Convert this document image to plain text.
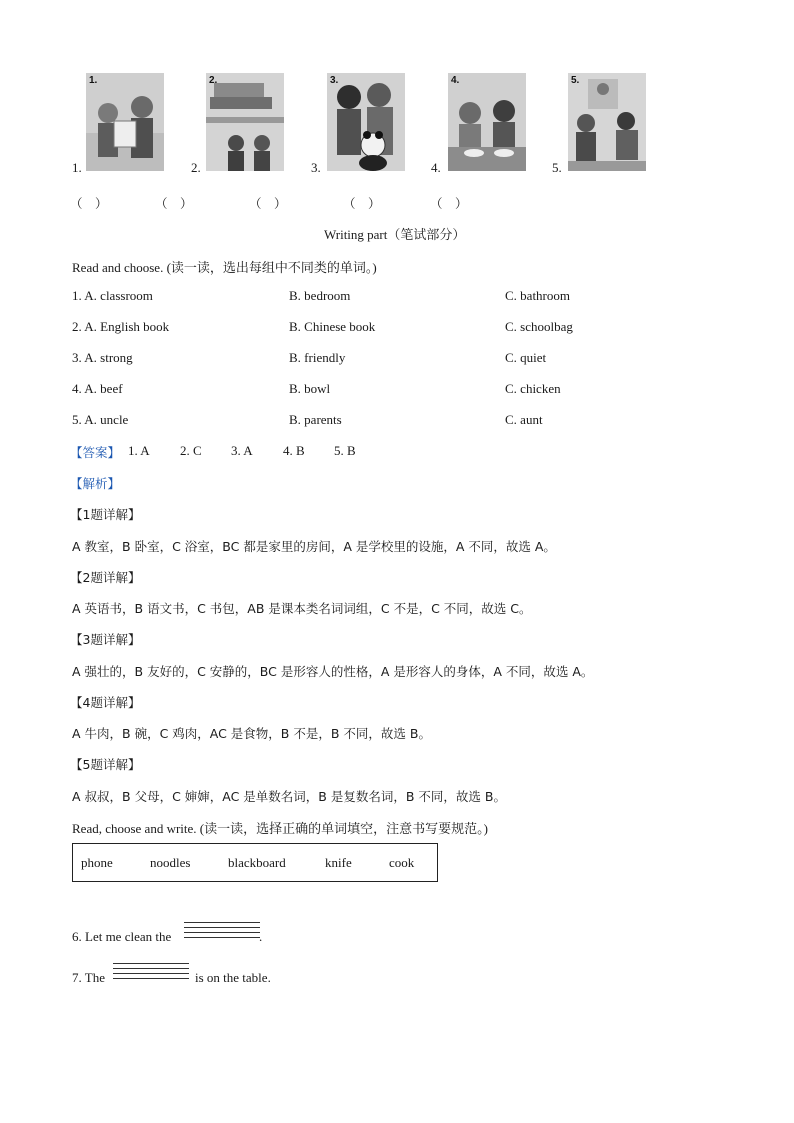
1.	2.	3.	4.	5.
1.	2.	3.	4.	5.
（　）	（　）	（　）	（　）	（　）
Writing part（笔试部分）
Read and choose. (读一读，选出每组中不同类的单词。)
1. A. classroom	B. bedroom	C. bathroom
2. A. English book	B. Chinese book	C. schoolbag
3. A. strong	B. friendly	C. quiet
4. A. beef	B. bowl	C. chicken
5. A. uncle	B. parents	C. aunt
【答案】 1. A 2. C 3. A 4. B 5. B
【解析】
【1题详解】
A 教室，B 卧室，C 浴室，BC 都是家里的房间，A 是学校里的设施，A 不同，故选 A。
【2题详解】
A 英语书，B 语文书，C 书包，AB 是课本类名词词组，C 不是，C 不同，故选 C。
【3题详解】
A 强壮的，B 友好的，C 安静的，BC 是形容人的性格，A 是形容人的身体，A 不同，故选 A。
【4题详解】
A 牛肉，B 碗，C 鸡肉，AC 是食物，B 不是，B 不同，故选 B。
【5题详解】
A 叔叔，B 父母，C 婶婶，AC 是单数名词，B 是复数名词，B 不同，故选 B。
Read, choose and write. (读一读，选择正确的单词填空，注意书写要规范。)
phone	noodles	blackboard	knife	cook
6. Let me clean the	.
7. The	is on the table.
